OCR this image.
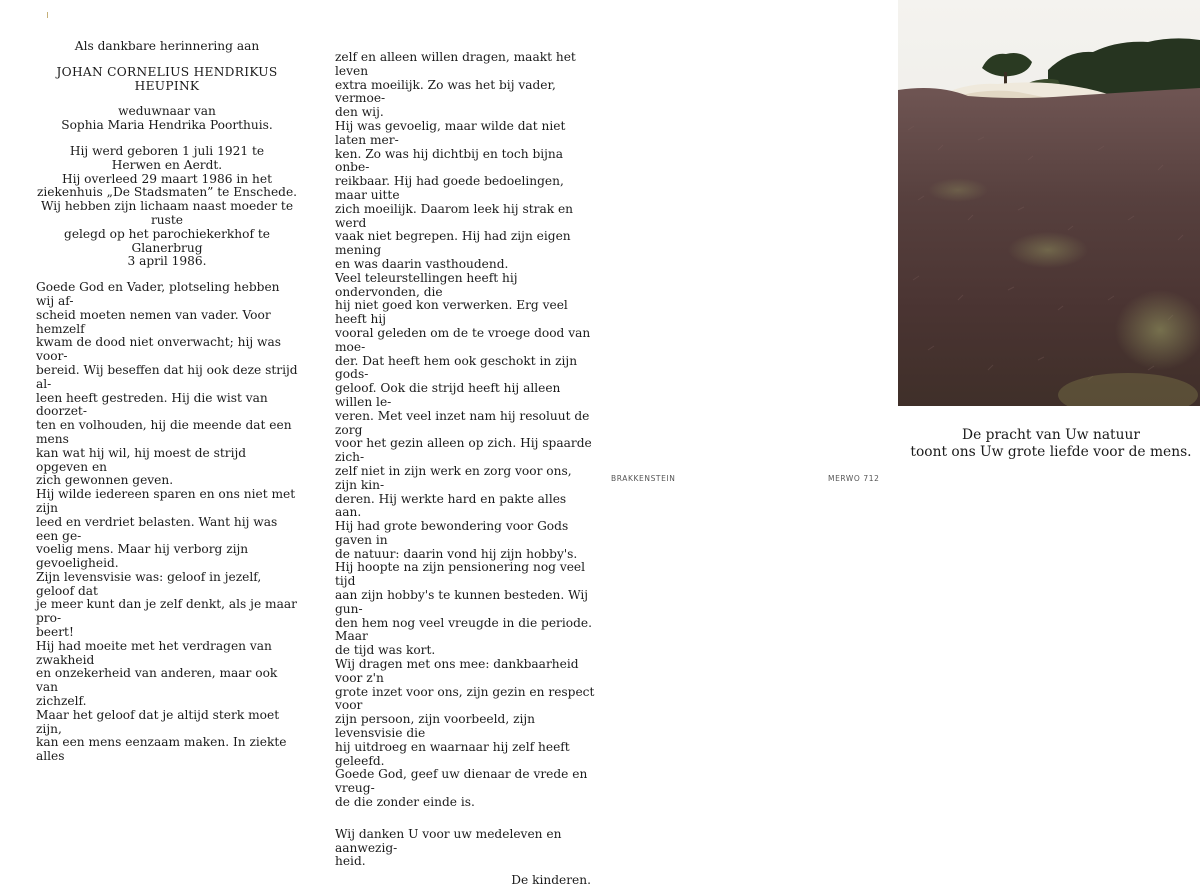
Als dankbare herinnering aan

JOHAN CORNELIUS HENDRIKUS

HEUPINK

weduwnaar van

Sophia Maria Hendrika Poorthuis.

Hij werd geboren 1 juli 1921 te

Herwen en Aerdt.

Hij overleed 29 maart 1986 in het

ziekenhuis „De Stadsmaten” te Enschede.

Wij hebben zijn lichaam naast moeder te ruste

gelegd op het parochiekerkhof te Glanerbrug

3 april 1986.

Goede God en Vader, plotseling hebben wij af-

scheid moeten nemen van vader. Voor hemzelf

kwam de dood niet onverwacht; hij was voor-

bereid. Wij beseffen dat hij ook deze strijd al-

leen heeft gestreden. Hij die wist van doorzet-

ten en volhouden, hij die meende dat een mens

kan wat hij wil, hij moest de strijd opgeven en

zich gewonnen geven.

Hij wilde iedereen sparen en ons niet met zijn

leed en verdriet belasten. Want hij was een ge-

voelig mens. Maar hij verborg zijn gevoeligheid.

Zijn levensvisie was: geloof in jezelf, geloof dat

je meer kunt dan je zelf denkt, als je maar pro-

beert!

Hij had moeite met het verdragen van zwakheid

en onzekerheid van anderen, maar ook van

zichzelf.

Maar het geloof dat je altijd sterk moet zijn,

kan een mens eenzaam maken. In ziekte alles

zelf en alleen willen dragen, maakt het leven

extra moeilijk. Zo was het bij vader, vermoe-

den wij.

Hij was gevoelig, maar wilde dat niet laten mer-

ken. Zo was hij dichtbij en toch bijna onbe-

reikbaar. Hij had goede bedoelingen, maar uitte

zich moeilijk. Daarom leek hij strak en werd

vaak niet begrepen. Hij had zijn eigen mening

en was daarin vasthoudend.

Veel teleurstellingen heeft hij ondervonden, die

hij niet goed kon verwerken. Erg veel heeft hij

vooral geleden om de te vroege dood van moe-

der. Dat heeft hem ook geschokt in zijn gods-

geloof. Ook die strijd heeft hij alleen willen le-

veren. Met veel inzet nam hij resoluut de zorg

voor het gezin alleen op zich. Hij spaarde zich-

zelf niet in zijn werk en zorg voor ons, zijn kin-

deren. Hij werkte hard en pakte alles aan.

Hij had grote bewondering voor Gods gaven in

de natuur: daarin vond hij zijn hobby's.

Hij hoopte na zijn pensionering nog veel tijd

aan zijn hobby's te kunnen besteden. Wij gun-

den hem nog veel vreugde in die periode. Maar

de tijd was kort.

Wij dragen met ons mee: dankbaarheid voor z'n

grote inzet voor ons, zijn gezin en respect voor

zijn persoon, zijn voorbeeld, zijn levensvisie die

hij uitdroeg en waarnaar hij zelf heeft geleefd.

Goede God, geef uw dienaar de vrede en vreug-

de die zonder einde is.

Wij danken U voor uw medeleven en aanwezig-

heid.

De kinderen.

De pracht van Uw natuur
toont ons Uw grote liefde voor de mens.
BRAKKENSTEIN	MERWO 712
